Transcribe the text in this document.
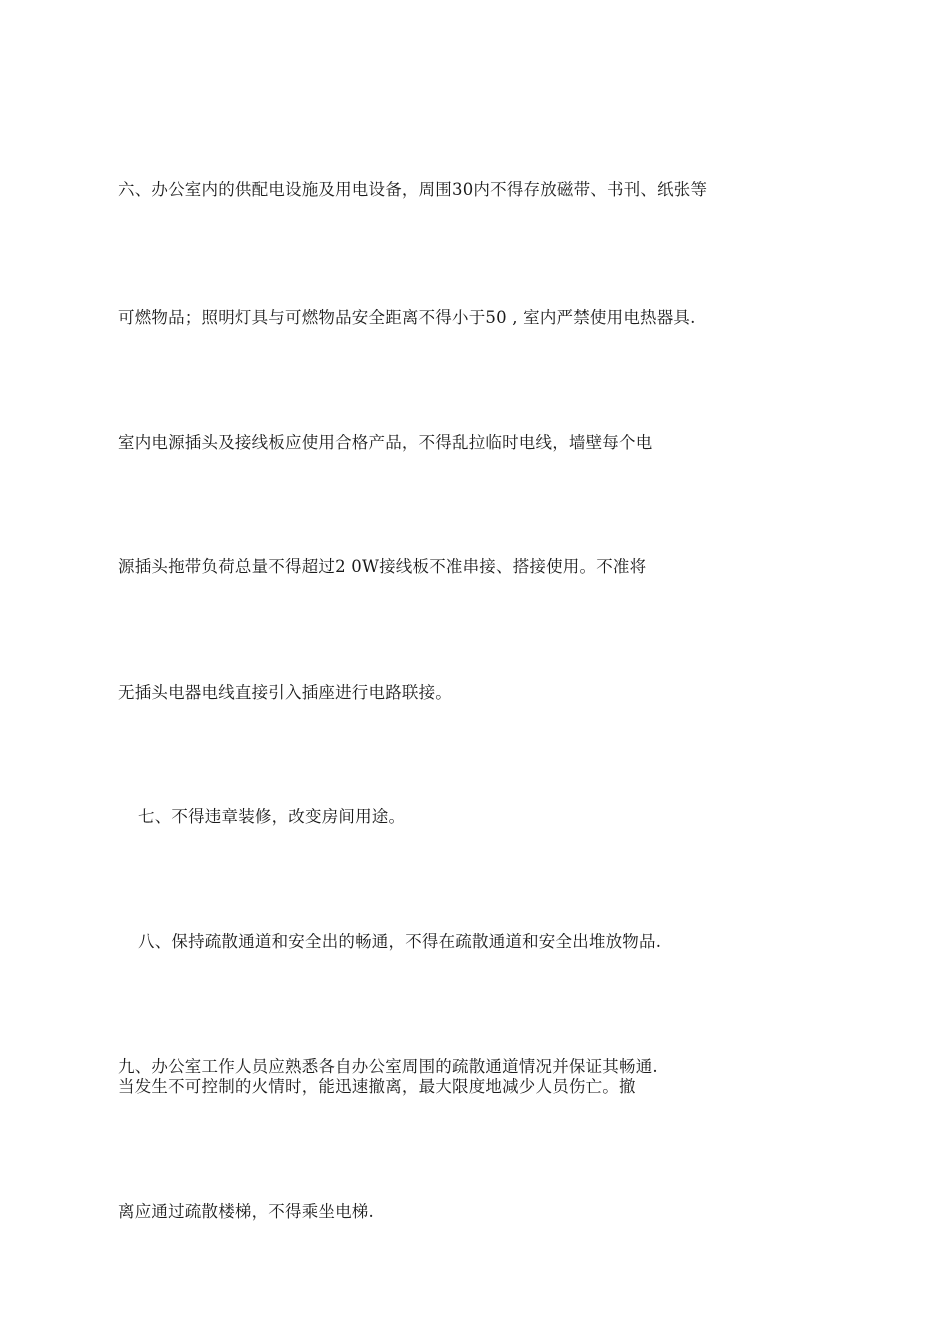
六、办公室内的供配电设施及用电设备，周围30内不得存放磁带、书刊、纸张等
可燃物品；照明灯具与可燃物品安全距离不得小于50 , 室内严禁使用电热器具.
室内电源插头及接线板应使用合格产品，不得乱拉临时电线，墙壁每个电
源插头拖带负荷总量不得超过2 0W接线板不准串接、搭接使用。不准将
无插头电器电线直接引入插座进行电路联接。
七、不得违章装修，改变房间用途。
八、保持疏散通道和安全出的畅通，不得在疏散通道和安全出堆放物品.
九、办公室工作人员应熟悉各自办公室周围的疏散通道情况并保证其畅通.
当发生不可控制的火情时，能迅速撤离，最大限度地减少人员伤亡。撤
离应通过疏散楼梯，不得乘坐电梯.
